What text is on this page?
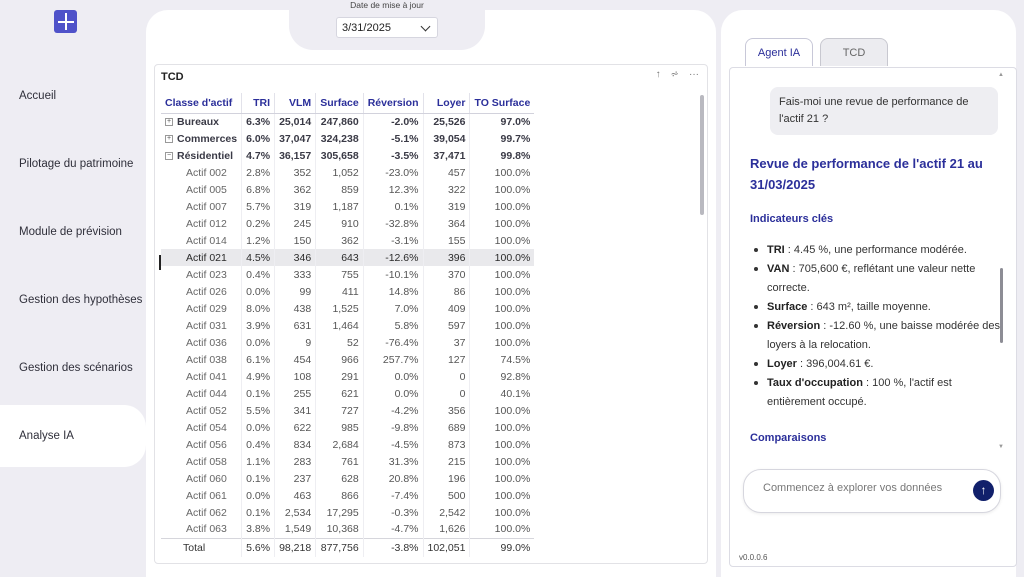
Accueil
Pilotage du patrimoine
Module de prévision
Gestion des hypothèses
Gestion des scénarios
Analyse IA
Date de mise à jour
3/31/2025
TCD	↑ ⩫ ···
Classe d'actif	TRI	VLM	Surface	Réversion	Loyer	TO Surface
+ Bureaux	6.3%	25,014	247,860	-2.0%	25,526	97.0%
+ Commerces	6.0%	37,047	324,238	-5.1%	39,054	99.7%
− Résidentiel	4.7%	36,157	305,658	-3.5%	37,471	99.8%
Actif 002	2.8%	352	1,052	-23.0%	457	100.0%
Actif 005	6.8%	362	859	12.3%	322	100.0%
Actif 007	5.7%	319	1,187	0.1%	319	100.0%
Actif 012	0.2%	245	910	-32.8%	364	100.0%
Actif 014	1.2%	150	362	-3.1%	155	100.0%
Actif 021	4.5%	346	643	-12.6%	396	100.0%
Actif 023	0.4%	333	755	-10.1%	370	100.0%
Actif 026	0.0%	99	411	14.8%	86	100.0%
Actif 029	8.0%	438	1,525	7.0%	409	100.0%
Actif 031	3.9%	631	1,464	5.8%	597	100.0%
Actif 036	0.0%	9	52	-76.4%	37	100.0%
Actif 038	6.1%	454	966	257.7%	127	74.5%
Actif 041	4.9%	108	291	0.0%	0	92.8%
Actif 044	0.1%	255	621	0.0%	0	40.1%
Actif 052	5.5%	341	727	-4.2%	356	100.0%
Actif 054	0.0%	622	985	-9.8%	689	100.0%
Actif 056	0.4%	834	2,684	-4.5%	873	100.0%
Actif 058	1.1%	283	761	31.3%	215	100.0%
Actif 060	0.1%	237	628	20.8%	196	100.0%
Actif 061	0.0%	463	866	-7.4%	500	100.0%
Actif 062	0.1%	2,534	17,295	-0.3%	2,542	100.0%
Actif 063	3.8%	1,549	10,368	-4.7%	1,626	100.0%
Total	5.6%	98,218	877,756	-3.8%	102,051	99.0%
Agent IA	TCD
Fais-moi une revue de performance de l'actif 21 ?
Revue de performance de l'actif 21 au 31/03/2025
Indicateurs clés
TRI : 4.45 %, une performance modérée.
VAN : 705,600 €, reflétant une valeur nette correcte.
Surface : 643 m², taille moyenne.
Réversion : -12.60 %, une baisse modérée des loyers à la relocation.
Loyer : 396,004.61 €.
Taux d'occupation : 100 %, l'actif est entièrement occupé.
Comparaisons
▲
▼
Commencez à explorer vos données	↑
v0.0.0.6
